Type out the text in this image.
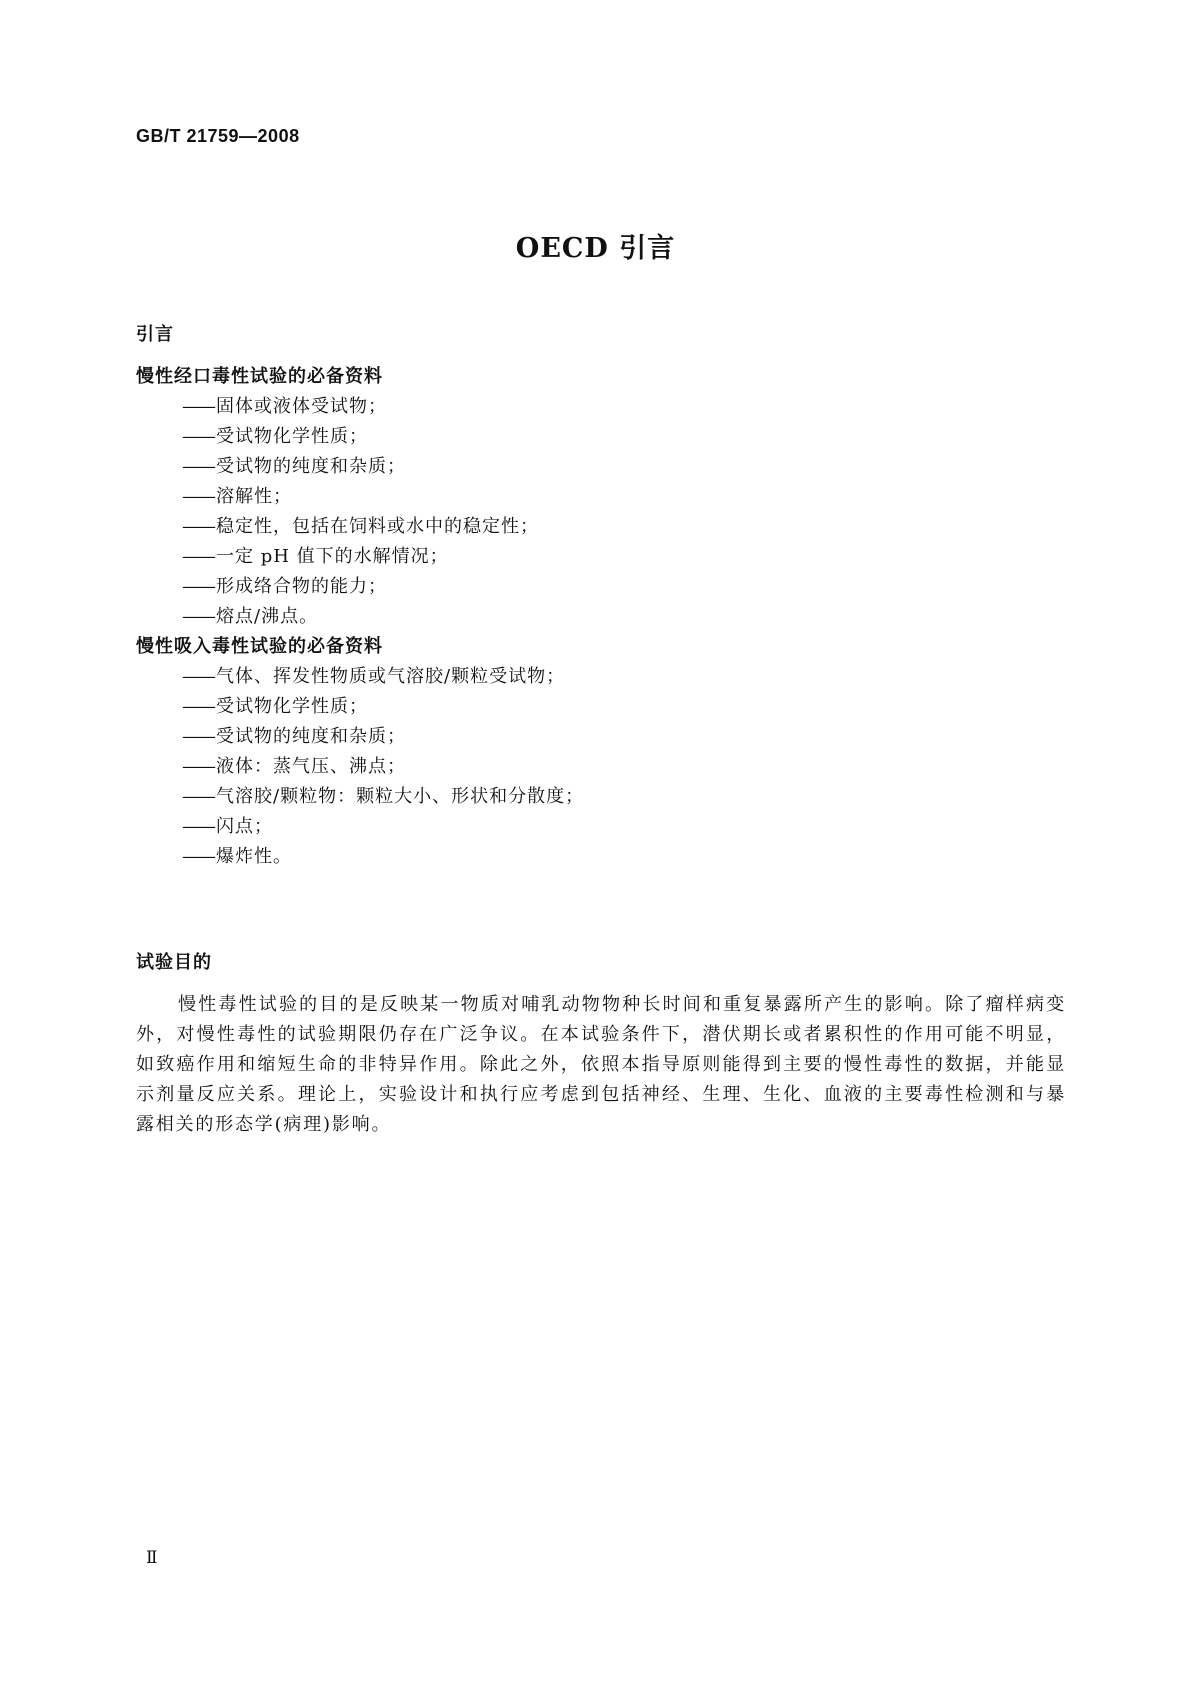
GB/T 21759—2008
OECD 引言
引言
慢性经口毒性试验的必备资料
——固体或液体受试物；
——受试物化学性质；
——受试物的纯度和杂质；
——溶解性；
——稳定性，包括在饲料或水中的稳定性；
——一定 pH 值下的水解情况；
——形成络合物的能力；
——熔点/沸点。
慢性吸入毒性试验的必备资料
——气体、挥发性物质或气溶胶/颗粒受试物；
——受试物化学性质；
——受试物的纯度和杂质；
——液体：蒸气压、沸点；
——气溶胶/颗粒物：颗粒大小、形状和分散度；
——闪点；
——爆炸性。
试验目的

慢性毒性试验的目的是反映某一物质对哺乳动物物种长时间和重复暴露所产生的影响。除了瘤样病变外，对慢性毒性的试验期限仍存在广泛争议。在本试验条件下，潜伏期长或者累积性的作用可能不明显，如致癌作用和缩短生命的非特异作用。除此之外，依照本指导原则能得到主要的慢性毒性的数据，并能显示剂量反应关系。理论上，实验设计和执行应考虑到包括神经、生理、生化、血液的主要毒性检测和与暴露相关的形态学(病理)影响。

Ⅱ
